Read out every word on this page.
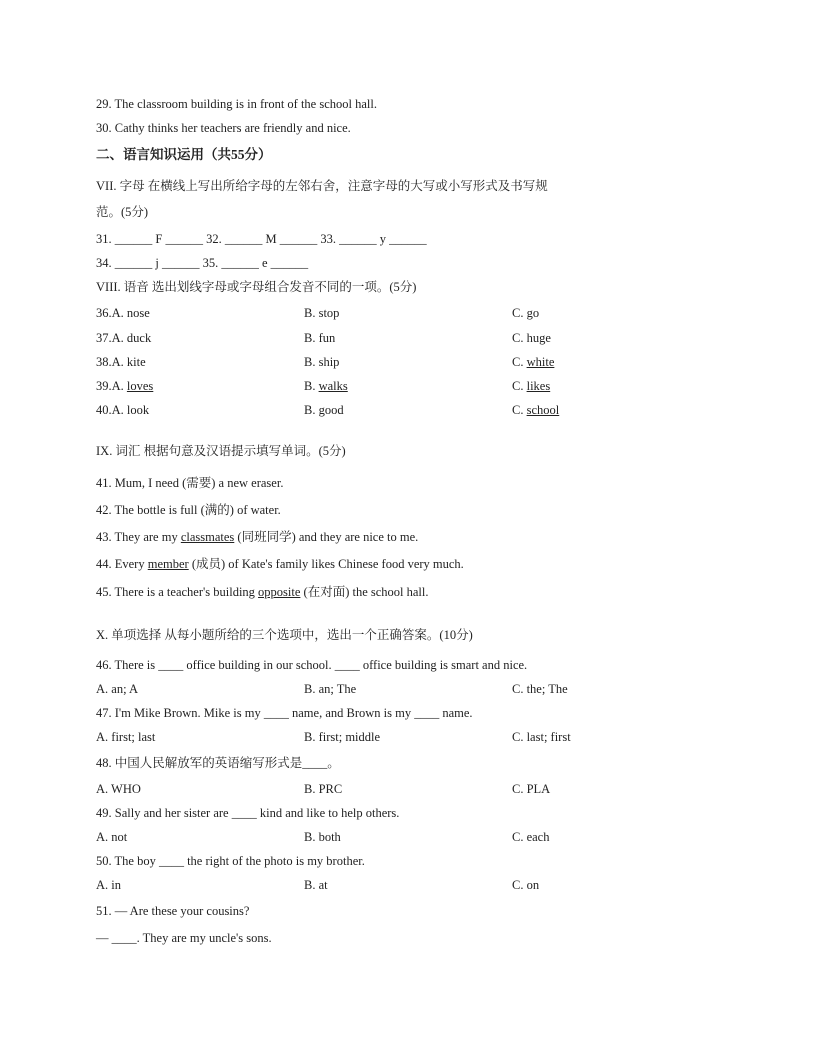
29. The classroom building is in front of the school hall.
30. Cathy thinks her teachers are friendly and nice.
二、语言知识运用（共55分）
VII. 字母 在横线上写出所给字母的左邻右舍，注意字母的大写或小写形式及书写规
范。(5分)
31. ______ F ______ 32. ______ M ______ 33. ______ y ______
34. ______ j ______ 35. ______ e ______
VIII. 语音 选出划线字母或字母组合发音不同的一项。(5分)
36.A. nose	B. stop	C. go
37.A. duck	B. fun	C. huge
38.A. kite	B. ship	C. white
39.A. loves	B. walks	C. likes
40.A. look	B. good	C. school
IX. 词汇 根据句意及汉语提示填写单词。(5分)
41. Mum, I need (需要) a new eraser.
42. The bottle is full (满的) of water.
43. They are my classmates (同班同学) and they are nice to me.
44. Every member (成员) of Kate's family likes Chinese food very much.
45. There is a teacher's building opposite (在对面) the school hall.
X. 单项选择 从每小题所给的三个选项中，选出一个正确答案。(10分)
46. There is ____ office building in our school. ____ office building is smart and nice.
A. an; A	B. an; The	C. the; The
47. I'm Mike Brown. Mike is my ____ name, and Brown is my ____ name.
A. first; last	B. first; middle	C. last; first
48. 中国人民解放军的英语缩写形式是____。
A. WHO	B. PRC	C. PLA
49. Sally and her sister are ____ kind and like to help others.
A. not	B. both	C. each
50. The boy ____ the right of the photo is my brother.
A. in	B. at	C. on
51. — Are these your cousins?
— ____. They are my uncle's sons.
